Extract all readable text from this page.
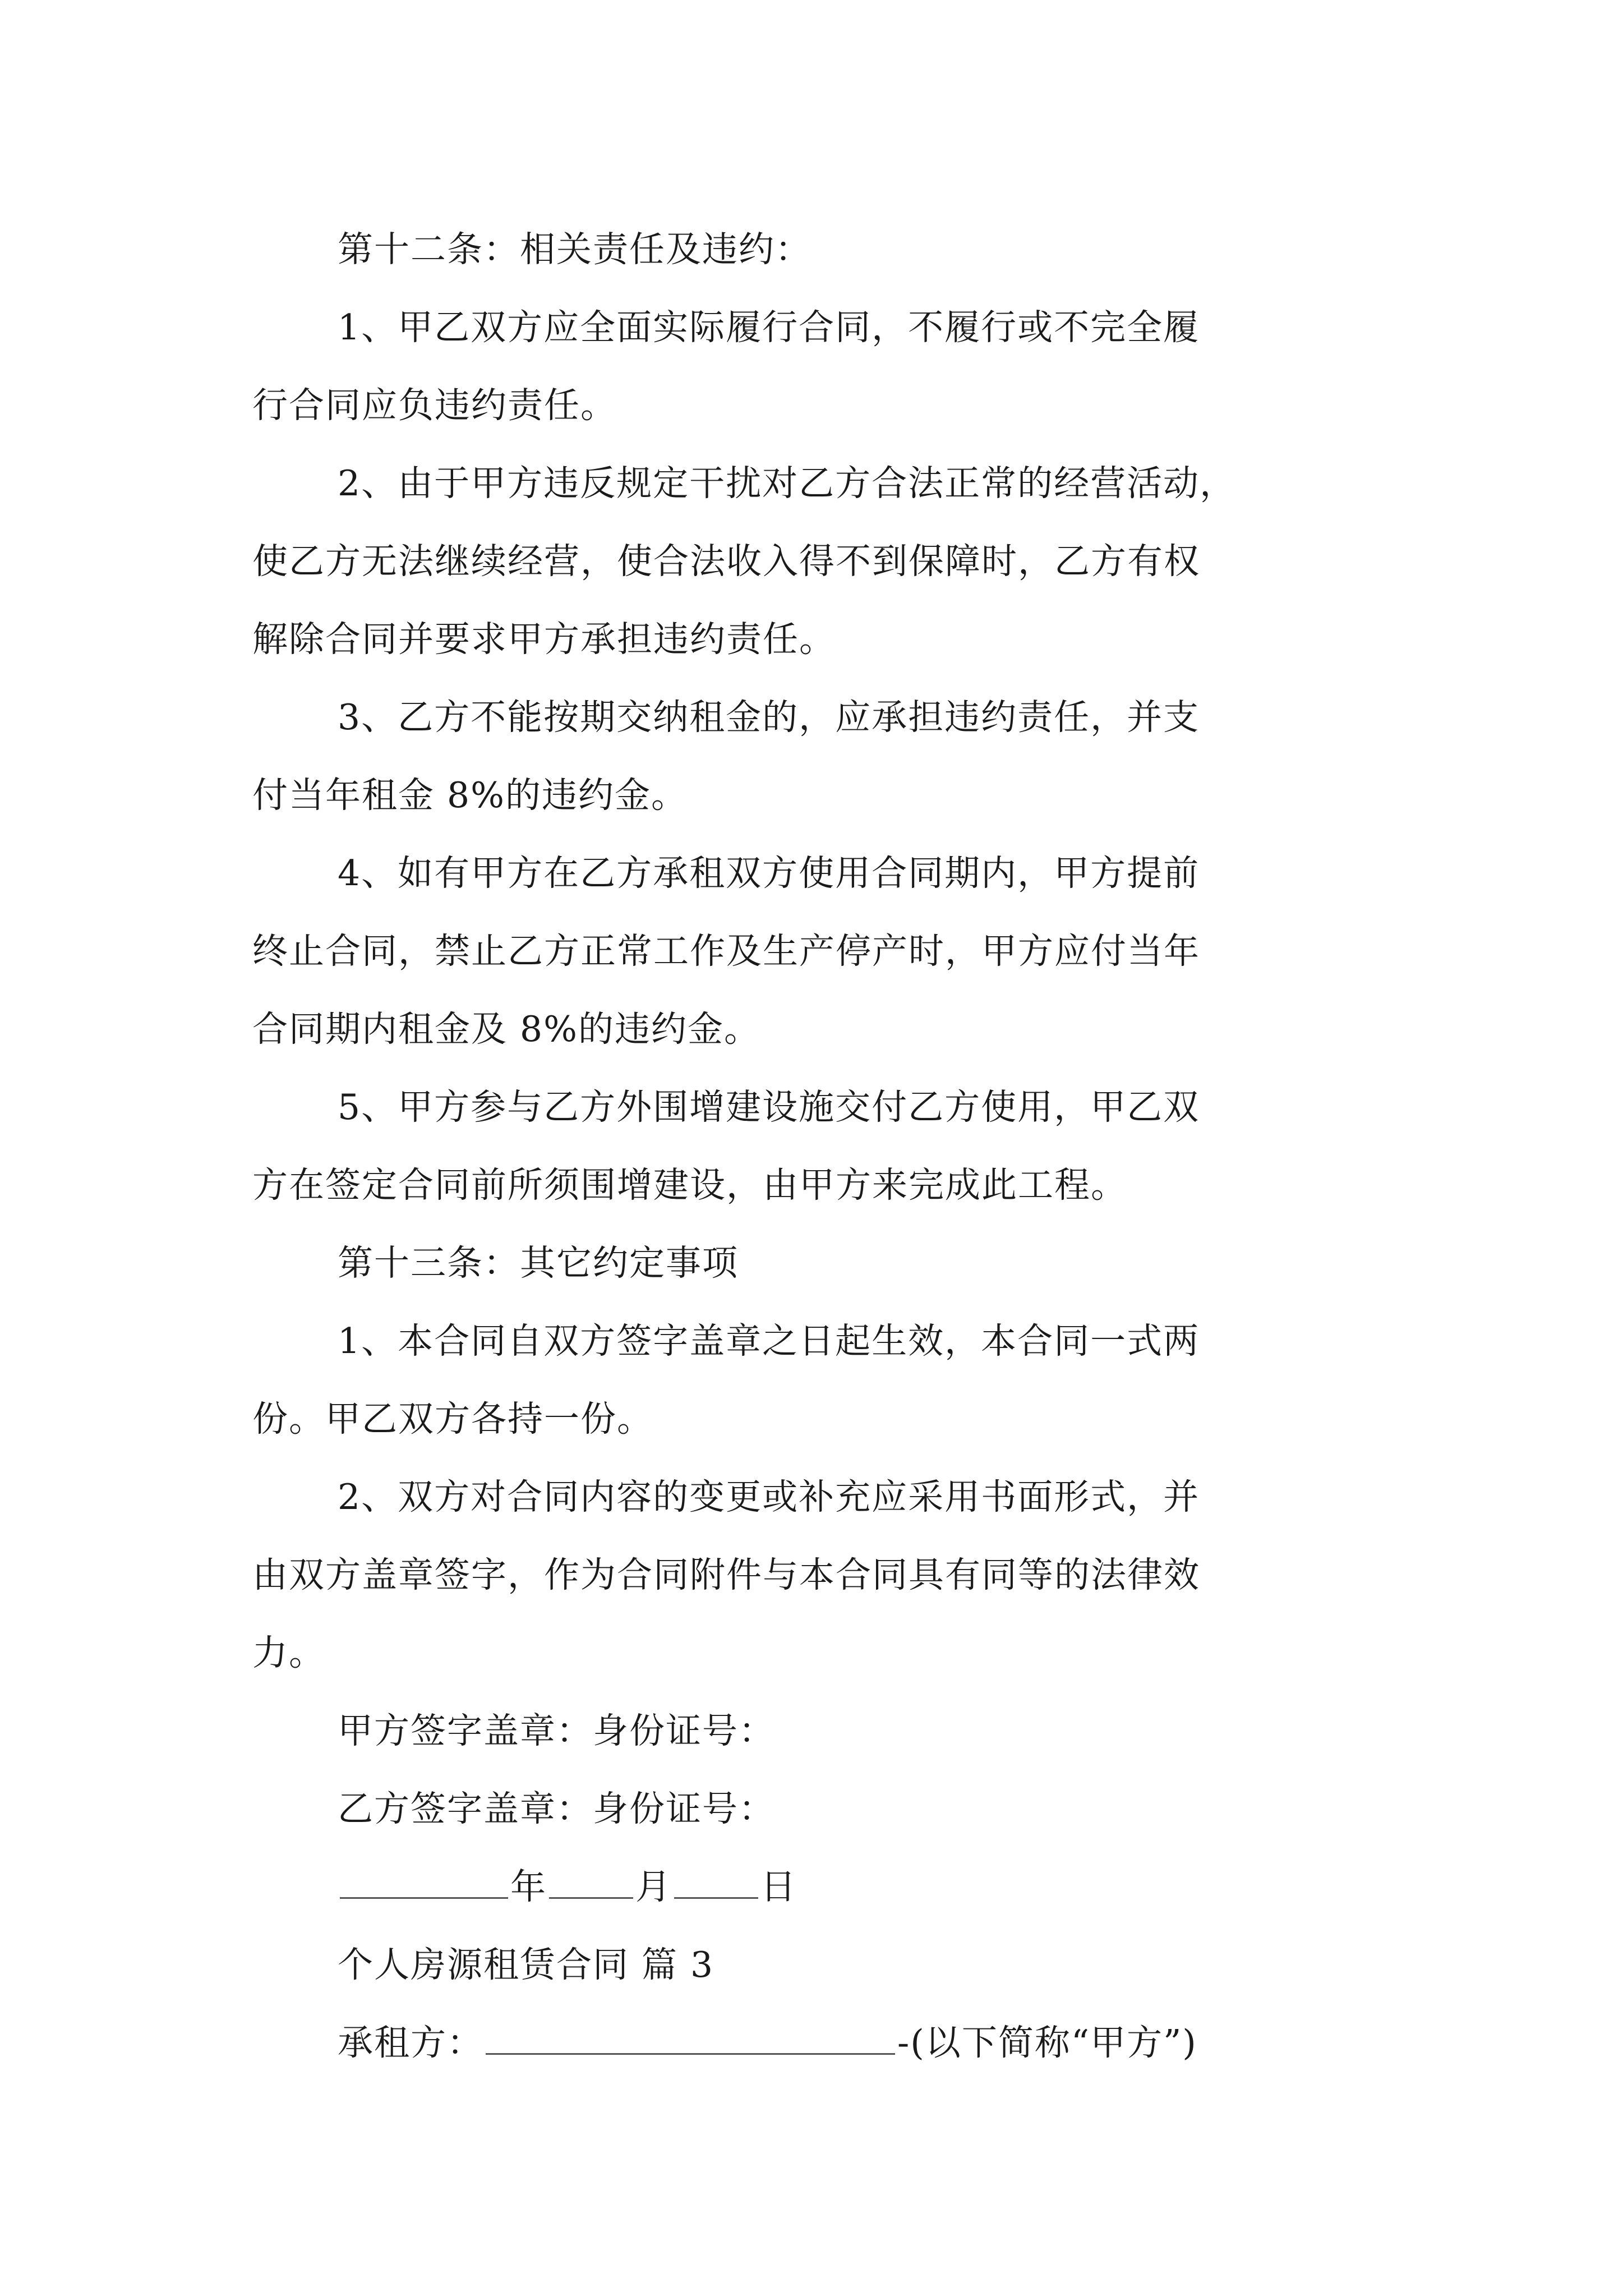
第十二条：相关责任及违约：
1、甲乙双方应全面实际履行合同，不履行或不完全履
行合同应负违约责任。
2、由于甲方违反规定干扰对乙方合法正常的经营活动，
使乙方无法继续经营，使合法收入得不到保障时，乙方有权
解除合同并要求甲方承担违约责任。
3、乙方不能按期交纳租金的，应承担违约责任，并支
付当年租金 8%的违约金。
4、如有甲方在乙方承租双方使用合同期内，甲方提前
终止合同，禁止乙方正常工作及生产停产时，甲方应付当年
合同期内租金及 8%的违约金。
5、甲方参与乙方外围增建设施交付乙方使用，甲乙双
方在签定合同前所须围增建设，由甲方来完成此工程。
第十三条：其它约定事项
1、本合同自双方签字盖章之日起生效，本合同一式两
份。甲乙双方各持一份。
2、双方对合同内容的变更或补充应采用书面形式，并
由双方盖章签字，作为合同附件与本合同具有同等的法律效
力。
甲方签字盖章：身份证号：
乙方签字盖章：身份证号：
年	月	日
个人房源租赁合同 篇 3
承租方：	-(以下简称“甲方”)
